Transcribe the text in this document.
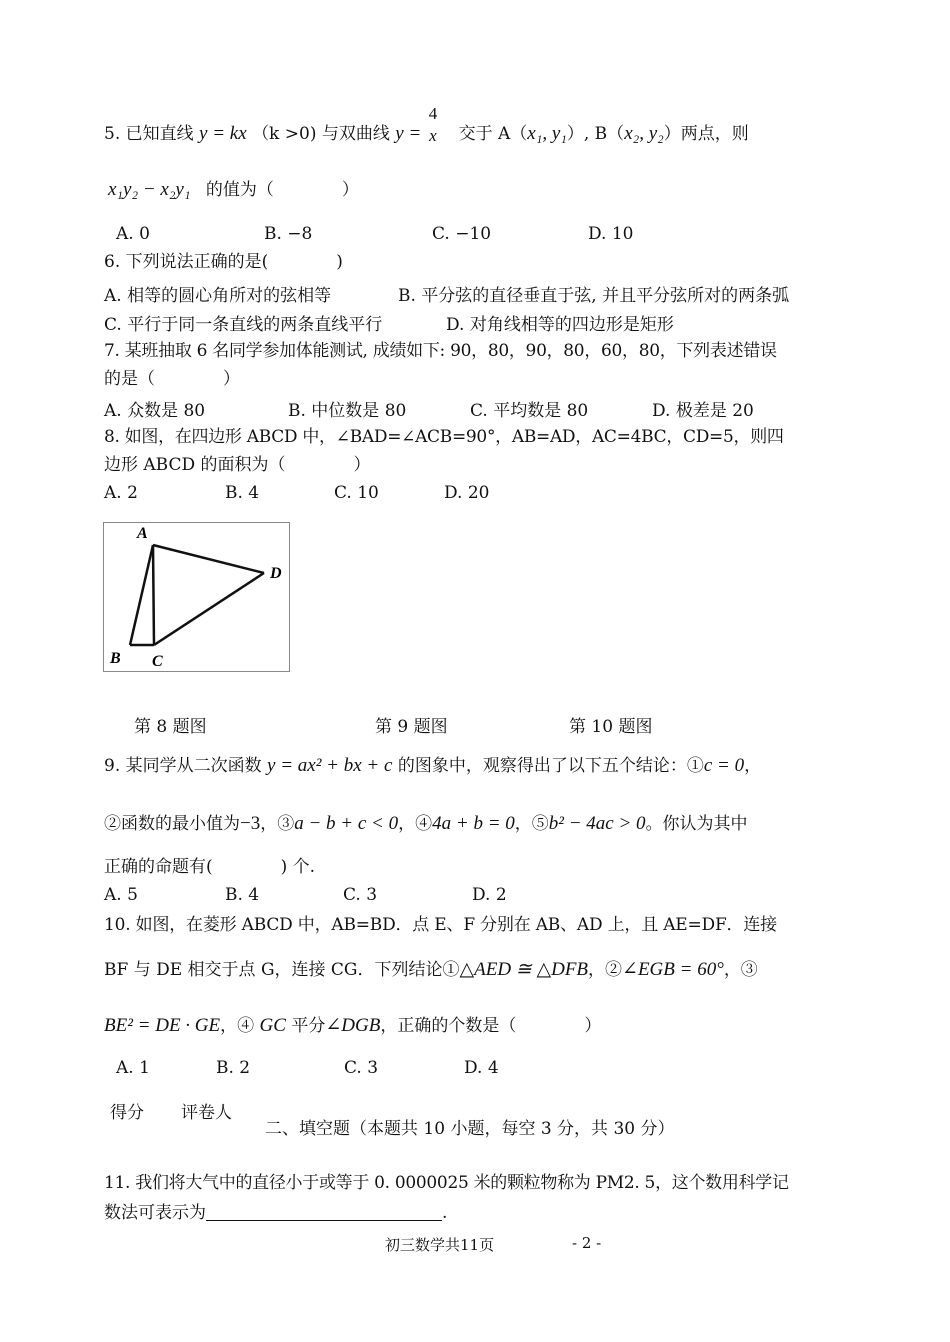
5. 已知直线 y = kx （k >0) 与双曲线 y =
4
x 交于 A（x₁, y₁）, B（x₂, y₂）两点，则
x₁y₂ − x₂y₁ 的值为（　　　　）
A. 0	B. −8	C. −10	D. 10
6. 下列说法正确的是(　　　　)
A. 相等的圆心角所对的弦相等	B. 平分弦的直径垂直于弦, 并且平分弦所对的两条弧
C. 平行于同一条直线的两条直线平行	D. 对角线相等的四边形是矩形
7. 某班抽取 6 名同学参加体能测试, 成绩如下: 90，80，90，80，60，80，下列表述错误
的是（　　　　）
A. 众数是 80	B. 中位数是 80	C. 平均数是 80	D. 极差是 20
8. 如图，在四边形 ABCD 中，∠BAD=∠ACB=90°，AB=AD，AC=4BC，CD=5，则四
边形 ABCD 的面积为（　　　　）
A. 2	B. 4	C. 10	D. 20
A
B C
D
第 8 题图	第 9 题图	第 10 题图
9. 某同学从二次函数 y = ax² + bx + c 的图象中，观察得出了以下五个结论：①c = 0，
②函数的最小值为−3，③a − b + c < 0，④4a + b = 0，⑤b² − 4ac > 0。你认为其中
正确的命题有(　　　　) 个.
A. 5	B. 4	C. 3	D. 2
10. 如图，在菱形 ABCD 中，AB=BD．点 E、F 分别在 AB、AD 上，且 AE=DF．连接
BF 与 DE 相交于点 G，连接 CG．下列结论①△AED ≅ △DFB，②∠EGB = 60°，③
BE² = DE · GE，④ GC 平分∠DGB，正确的个数是（　　　　）
A. 1	B. 2	C. 3	D. 4
得分 评卷人
二、填空题（本题共 10 小题，每空 3 分，共 30 分）
11. 我们将大气中的直径小于或等于 0. 0000025 米的颗粒物称为 PM2. 5，这个数用科学记
数法可表示为	.
初三数学共11页	- 2 -
